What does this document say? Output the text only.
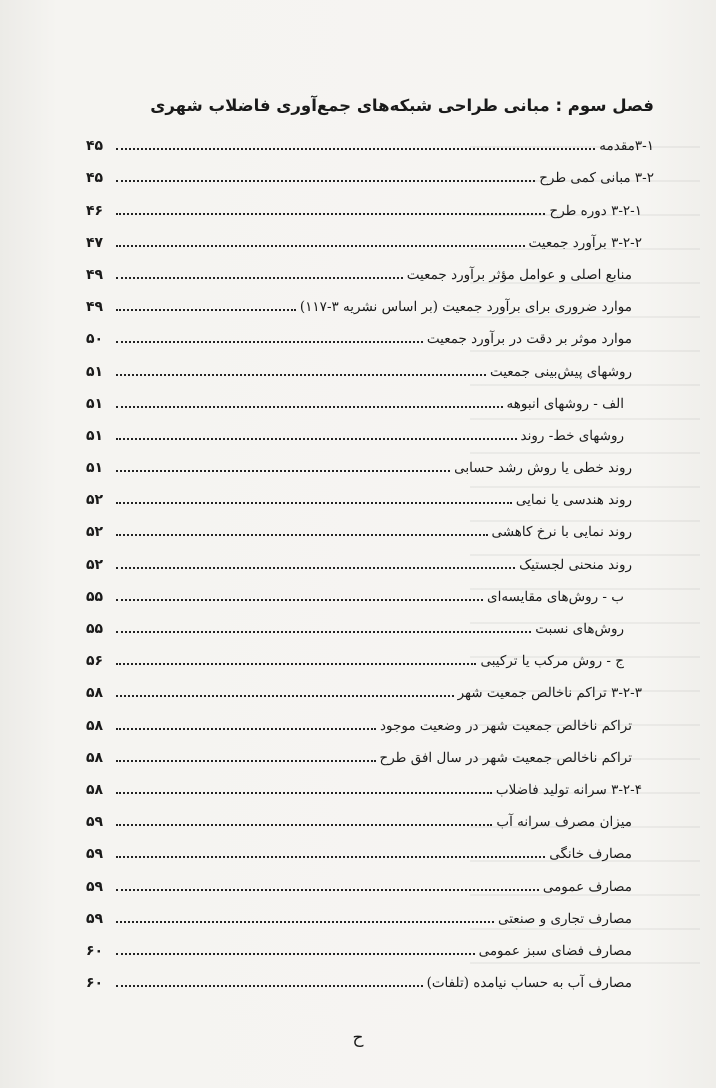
فصل سوم : مبانی طراحی شبکه‌های جمع‌آوری فاضلاب شهری
۳-۱مقدمه
۴۵
۳-۲ مبانی کمی طرح
۴۵
۳-۲-۱ دوره طرح
۴۶
۳-۲-۲ برآورد جمعیت
۴۷
منابع اصلی و عوامل مؤثر برآورد جمعیت
۴۹
موارد ضروری برای برآورد جمعیت (بر اساس نشریه ۳-۱۱۷)
۴۹
موارد موثر بر دقت در برآورد جمعیت
۵۰
روشهای پیش‌بینی جمعیت
۵۱
الف - روشهای انبوهه
۵۱
روشهای خط- روند
۵۱
روند خطی یا روش رشد حسابی
۵۱
روند هندسی یا نمایی
۵۲
روند نمایی با نرخ کاهشی
۵۲
روند منحنی لجستیک
۵۲
ب - روش‌های مقایسه‌ای
۵۵
روش‌های نسبت
۵۵
ج - روش مرکب یا ترکیبی
۵۶
۳-۲-۳ تراکم ناخالص جمعیت شهر
۵۸
تراکم ناخالص جمعیت شهر در وضعیت موجود
۵۸
تراکم ناخالص جمعیت شهر در سال افق طرح
۵۸
۳-۲-۴ سرانه تولید فاضلاب
۵۸
میزان مصرف سرانه آب
۵۹
مصارف خانگی
۵۹
مصارف عمومی
۵۹
مصارف تجاری و صنعتی
۵۹
مصارف فضای سبز عمومی
۶۰
مصارف آب به حساب نیامده (تلفات)
۶۰
ح
